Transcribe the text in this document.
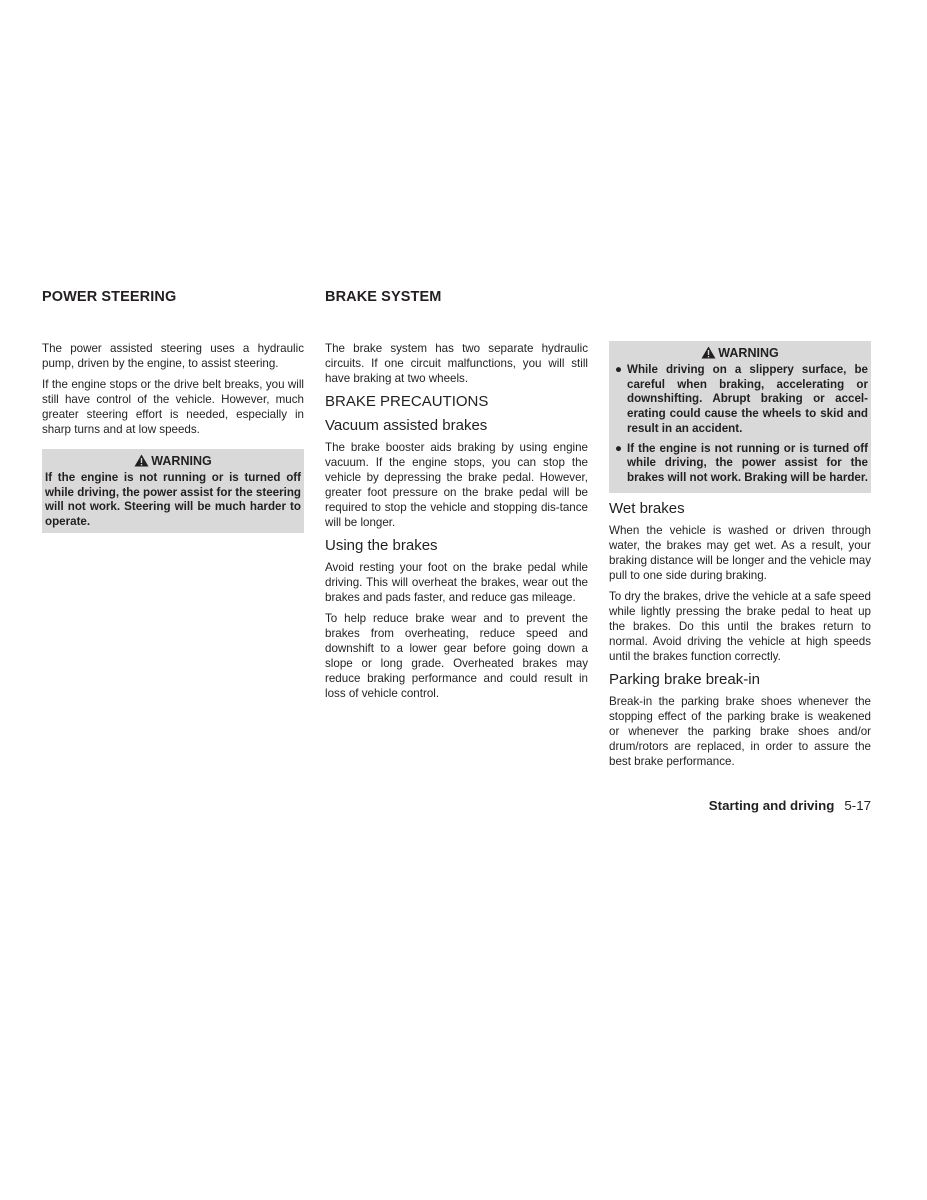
POWER STEERING

The power assisted steering uses a hydraulic pump, driven by the engine, to assist steering.

If the engine stops or the drive belt breaks, you will still have control of the vehicle. However, much greater steering effort is needed, especially in sharp turns and at low speeds.

WARNING
If the engine is not running or is turned off while driving, the power assist for the steering will not work. Steering will be much harder to operate.
BRAKE SYSTEM

The brake system has two separate hydraulic circuits. If one circuit malfunctions, you will still have braking at two wheels.

BRAKE PRECAUTIONS
Vacuum assisted brakes

The brake booster aids braking by using engine vacuum. If the engine stops, you can stop the vehicle by depressing the brake pedal. However, greater foot pressure on the brake pedal will be required to stop the vehicle and stopping dis-tance will be longer.

Using the brakes

Avoid resting your foot on the brake pedal while driving. This will overheat the brakes, wear out the brakes and pads faster, and reduce gas mileage.

To help reduce brake wear and to prevent the brakes from overheating, reduce speed and downshift to a lower gear before going down a slope or long grade. Overheated brakes may reduce braking performance and could result in loss of vehicle control.

WARNING
● While driving on a slippery surface, be careful when braking, accelerating or downshifting. Abrupt braking or accel-erating could cause the wheels to skid and result in an accident.
● If the engine is not running or is turned off while driving, the power assist for the brakes will not work. Braking will be harder.
Wet brakes

When the vehicle is washed or driven through water, the brakes may get wet. As a result, your braking distance will be longer and the vehicle may pull to one side during braking.

To dry the brakes, drive the vehicle at a safe speed while lightly pressing the brake pedal to heat up the brakes. Do this until the brakes return to normal. Avoid driving the vehicle at high speeds until the brakes function correctly.

Parking brake break-in

Break-in the parking brake shoes whenever the stopping effect of the parking brake is weakened or whenever the parking brake shoes and/or drum/rotors are replaced, in order to assure the best brake performance.

Starting and driving 5-17
